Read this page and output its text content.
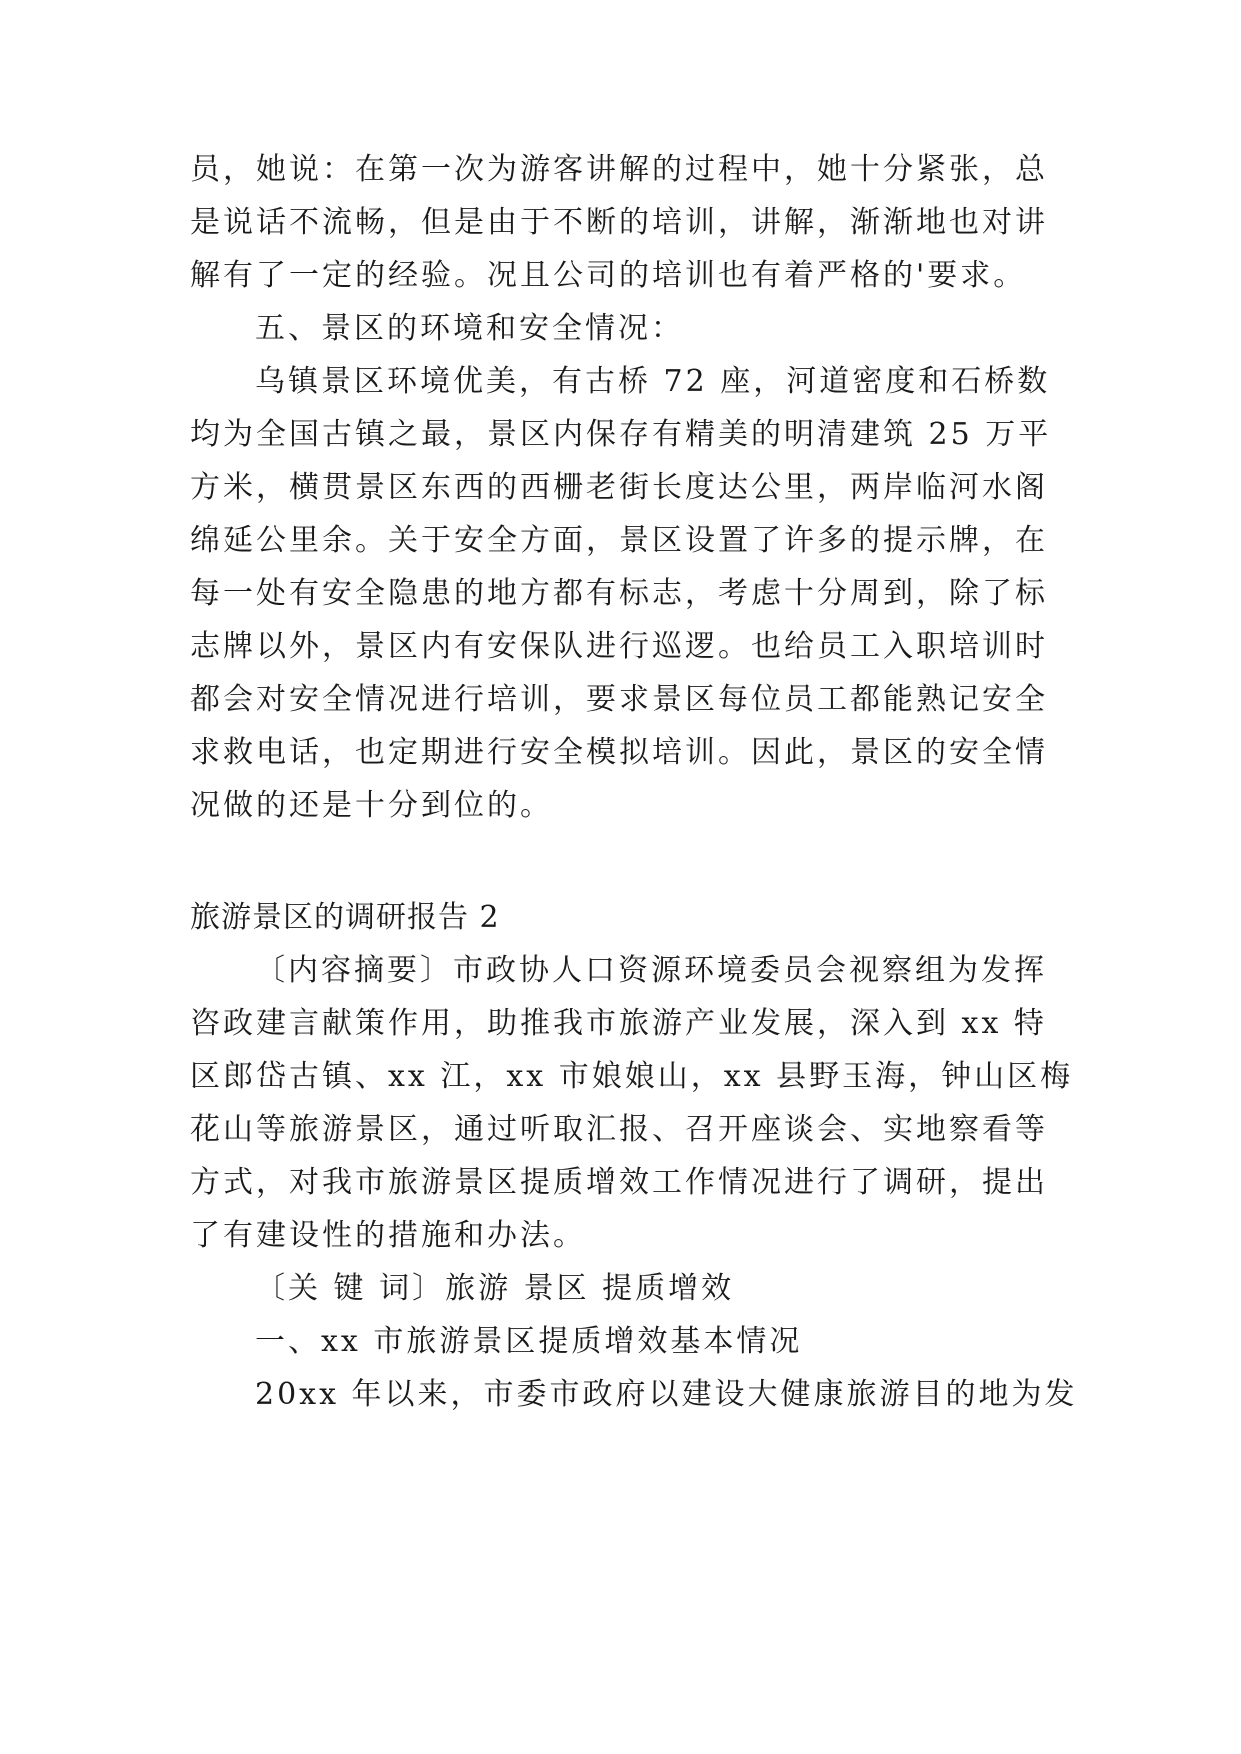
员，她说：在第一次为游客讲解的过程中，她十分紧张，总
是说话不流畅，但是由于不断的培训，讲解，渐渐地也对讲
解有了一定的经验。况且公司的培训也有着严格的'要求。
五、景区的环境和安全情况：
乌镇景区环境优美，有古桥 72 座，河道密度和石桥数
均为全国古镇之最，景区内保存有精美的明清建筑 25 万平
方米，横贯景区东西的西栅老街长度达公里，两岸临河水阁
绵延公里余。关于安全方面，景区设置了许多的提示牌，在
每一处有安全隐患的地方都有标志，考虑十分周到，除了标
志牌以外，景区内有安保队进行巡逻。也给员工入职培训时
都会对安全情况进行培训，要求景区每位员工都能熟记安全
求救电话，也定期进行安全模拟培训。因此，景区的安全情
况做的还是十分到位的。
旅游景区的调研报告 2
〔内容摘要〕市政协人口资源环境委员会视察组为发挥
咨政建言献策作用，助推我市旅游产业发展，深入到 xx 特
区郎岱古镇、xx 江，xx 市娘娘山，xx 县野玉海，钟山区梅
花山等旅游景区，通过听取汇报、召开座谈会、实地察看等
方式，对我市旅游景区提质增效工作情况进行了调研，提出
了有建设性的措施和办法。
〔关 键 词〕旅游 景区 提质增效
一、xx 市旅游景区提质增效基本情况
20xx 年以来，市委市政府以建设大健康旅游目的地为发
